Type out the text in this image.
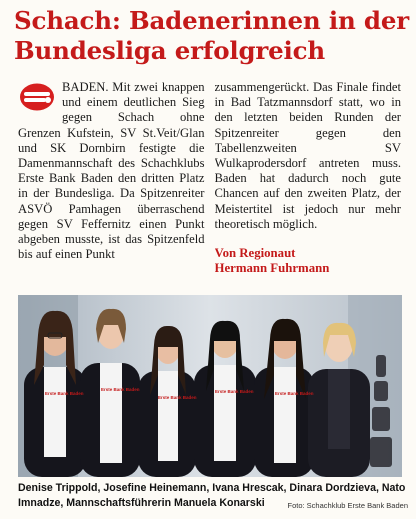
Schach: Badenerinnen in der Bundesliga erfolgreich

BADEN. Mit zwei knappen und einem deutlichen Sieg gegen Schach ohne Grenzen Kufstein, SV St.Veit/Glan und SK Dornbirn festigte die Damenmannschaft des Schachklubs Erste Bank Baden den dritten Platz in der Bundesliga. Da Spitzenreiter ASVÖ Pamhagen überraschend gegen SV Feffernitz einen Punkt abgeben musste, ist das Spitzenfeld bis auf einen Punkt

zusammengerückt. Das Finale findet in Bad Tatzmannsdorf statt, wo in den letzten beiden Runden der Spitzenreiter gegen den Tabellenzweiten SV Wulkaprodersdorf antreten muss. Baden hat dadurch noch gute Chancen auf den zweiten Platz, der Meistertitel ist jedoch nur mehr theoretisch möglich.

Von Regionaut
Hermann Fuhrmann
Erste Bank Baden
Erste Bank Baden
Erste Bank Baden
Erste Bank Baden	Erste Bank Baden

Denise Trippold, Josefine Heinemann, Ivana Hrescak, Dinara Dordzieva, Nato Imnadze, Mannschaftsführerin Manuela Konarski	Foto: Schachklub Erste Bank Baden
